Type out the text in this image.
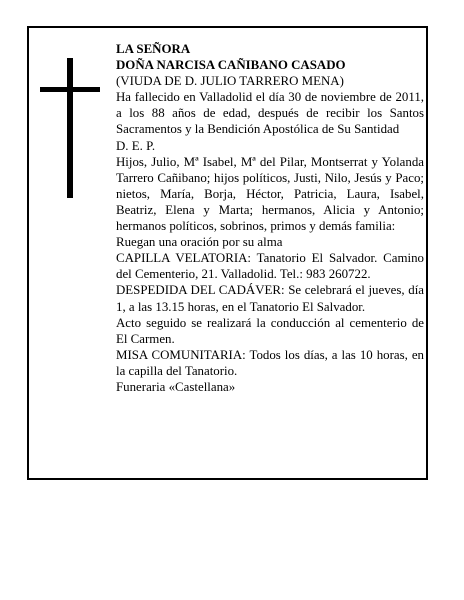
LA SEÑORA

DOÑA NARCISA CAÑIBANO CASADO

(VIUDA DE D. JULIO TARRERO MENA)

Ha fallecido en Valladolid el día 30 de noviembre de 2011, a los 88 años de edad, después de recibir los Santos Sacramentos y la Bendición Apostólica de Su Santidad

D. E. P.

Hijos, Julio, Mª Isabel, Mª del Pilar, Montserrat y Yolanda Tarrero Cañibano; hijos políticos, Justi, Nilo, Jesús y Paco; nietos, María, Borja, Héctor, Patricia, Laura, Isabel, Beatriz, Elena y Marta; hermanos, Alicia y Antonio; hermanos políticos, sobrinos, primos y demás familia:

Ruegan una oración por su alma

CAPILLA VELATORIA: Tanatorio El Salvador. Camino del Cementerio, 21. Valladolid. Tel.: 983 260722.

DESPEDIDA DEL CADÁVER: Se celebrará el jueves, día 1, a las 13.15 horas, en el Tanatorio El Salvador.

Acto seguido se realizará la conducción al cementerio de El Carmen.

MISA COMUNITARIA: Todos los días, a las 10 horas, en la capilla del Tanatorio.

Funeraria «Castellana»
